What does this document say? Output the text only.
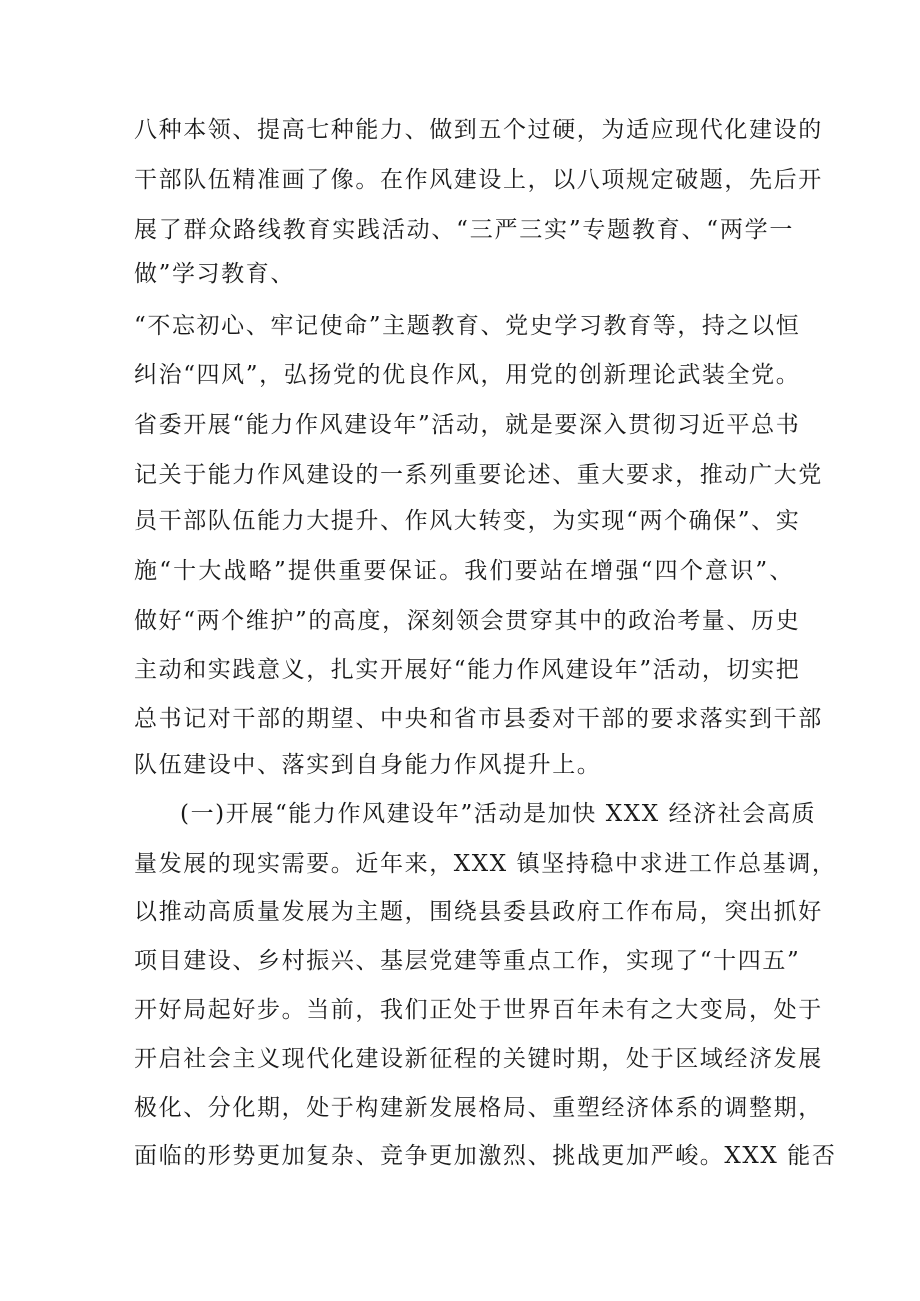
八种本领、提高七种能力、做到五个过硬，为适应现代化建设的
干部队伍精准画了像。在作风建设上，以八项规定破题，先后开
展了群众路线教育实践活动、“三严三实”专题教育、“两学一
做”学习教育、
“不忘初心、牢记使命”主题教育、党史学习教育等，持之以恒
纠治“四风”，弘扬党的优良作风，用党的创新理论武装全党。
省委开展“能力作风建设年”活动，就是要深入贯彻习近平总书
记关于能力作风建设的一系列重要论述、重大要求，推动广大党
员干部队伍能力大提升、作风大转变，为实现“两个确保”、实
施“十大战略”提供重要保证。我们要站在增强“四个意识”、
做好“两个维护”的高度，深刻领会贯穿其中的政治考量、历史
主动和实践意义，扎实开展好“能力作风建设年”活动，切实把
总书记对干部的期望、中央和省市县委对干部的要求落实到干部
队伍建设中、落实到自身能力作风提升上。
(一)开展“能力作风建设年”活动是加快 XXX 经济社会高质
量发展的现实需要。近年来，XXX 镇坚持稳中求进工作总基调，
以推动高质量发展为主题，围绕县委县政府工作布局，突出抓好
项目建设、乡村振兴、基层党建等重点工作，实现了“十四五”
开好局起好步。当前，我们正处于世界百年未有之大变局，处于
开启社会主义现代化建设新征程的关键时期，处于区域经济发展
极化、分化期，处于构建新发展格局、重塑经济体系的调整期，
面临的形势更加复杂、竞争更加激烈、挑战更加严峻。XXX 能否
